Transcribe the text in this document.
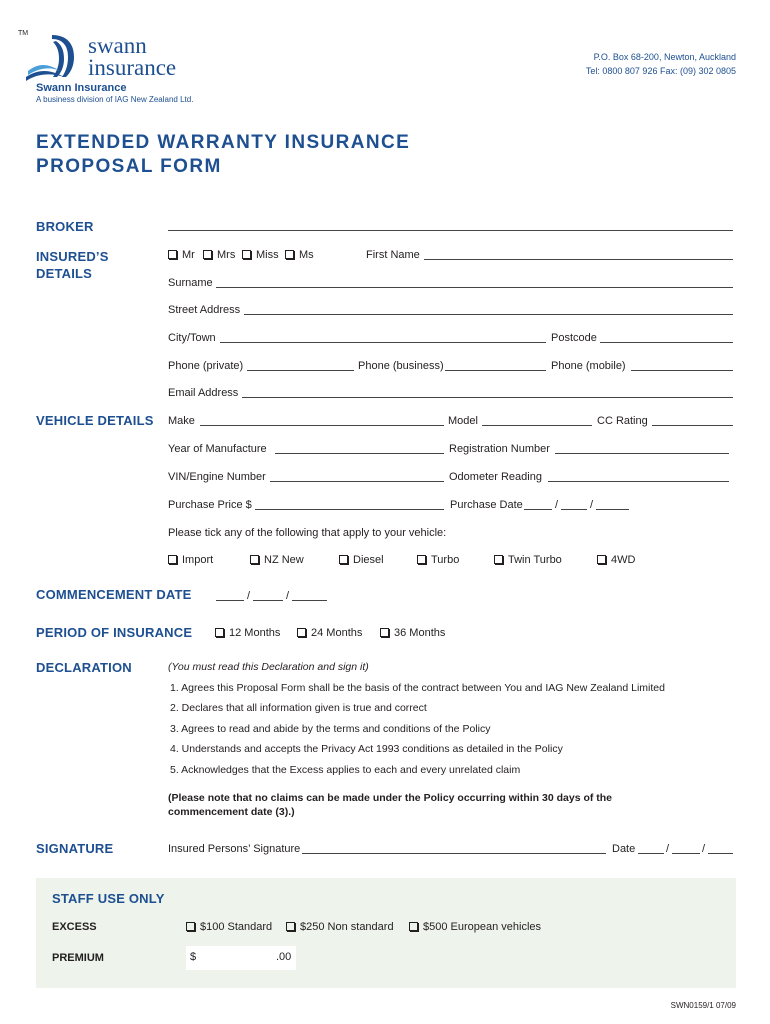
TM	swann
insurance
Swann Insurance
A business division of IAG New Zealand Ltd.
P.O. Box 68-200, Newton, Auckland
Tel: 0800 807 926 Fax: (09) 302 0805
EXTENDED WARRANTY INSURANCE
PROPOSAL FORM
BROKER
INSURED’S
DETAILS
Mr	Mrs	Miss	Ms	First Name
Surname
Street Address
City/Town	Postcode
Phone (private)	Phone (business)	Phone (mobile)
Email Address
VEHICLE DETAILS Make	Model	CC Rating
Year of Manufacture	Registration Number
VIN/Engine Number	Odometer Reading
Purchase Price $	Purchase Date	/	/
Please tick any of the following that apply to your vehicle:
Import	NZ New	Diesel	Turbo	Twin Turbo	4WD
COMMENCEMENT DATE	/	/
PERIOD OF INSURANCE	12 Months	24 Months	36 Months
DECLARATION	(You must read this Declaration and sign it)
1. Agrees this Proposal Form shall be the basis of the contract between You and IAG New Zealand Limited
2. Declares that all information given is true and correct
3. Agrees to read and abide by the terms and conditions of the Policy
4. Understands and accepts the Privacy Act 1993 conditions as detailed in the Policy
5. Acknowledges that the Excess applies to each and every unrelated claim
(Please note that no claims can be made under the Policy occurring within 30 days of the
commencement date (3).)
SIGNATURE	Insured Persons’ Signature	Date	/	/
STAFF USE ONLY
EXCESS	$100 Standard	$250 Non standard	$500 European vehicles
PREMIUM	$	.00
SWN0159/1 07/09
